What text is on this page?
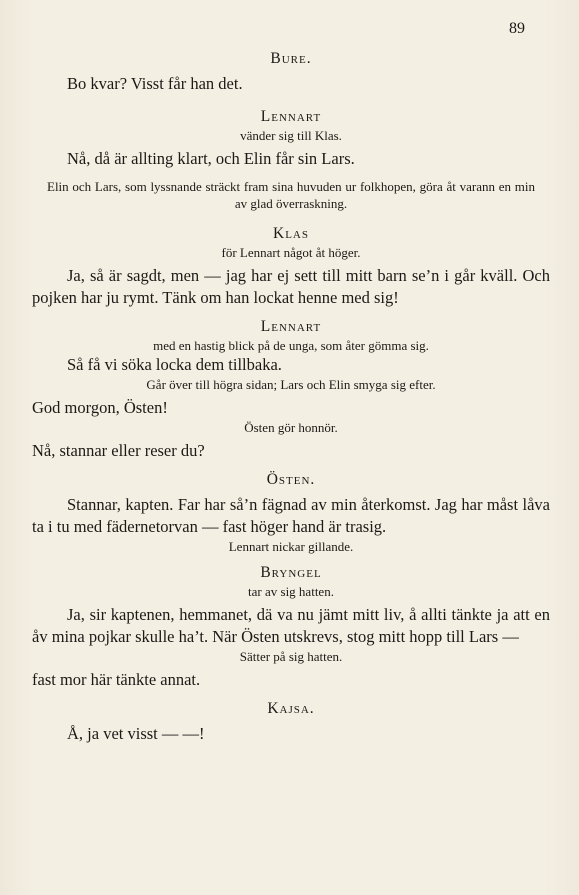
89

Bure.

Bo kvar? Visst får han det.

Lennart

vänder sig till Klas.

Nå, då är allting klart, och Elin får sin Lars.

Elin och Lars, som lyssnande sträckt fram sina huvuden ur folkhopen, göra åt varann en min av glad överraskning.

Klas

för Lennart något åt höger.

Ja, så är sagdt, men — jag har ej sett till mitt barn se’n i går kväll. Och pojken har ju rymt. Tänk om han lockat henne med sig!

Lennart

med en hastig blick på de unga, som åter gömma sig.

Så få vi söka locka dem tillbaka.

Går över till högra sidan; Lars och Elin smyga sig efter.

God morgon, Östen!

Östen gör honnör.

Nå, stannar eller reser du?

Östen.

Stannar, kapten. Far har så’n fägnad av min återkomst. Jag har måst låva ta i tu med fädernetorvan — fast höger hand är trasig.

Lennart nickar gillande.

Bryngel

tar av sig hatten.

Ja, sir kaptenen, hemmanet, dä va nu jämt mitt liv, å allti tänkte ja att en åv mina pojkar skulle ha’t. När Östen utskrevs, stog mitt hopp till Lars —

Sätter på sig hatten.

fast mor här tänkte annat.

Kajsa.

Å, ja vet visst — —!
